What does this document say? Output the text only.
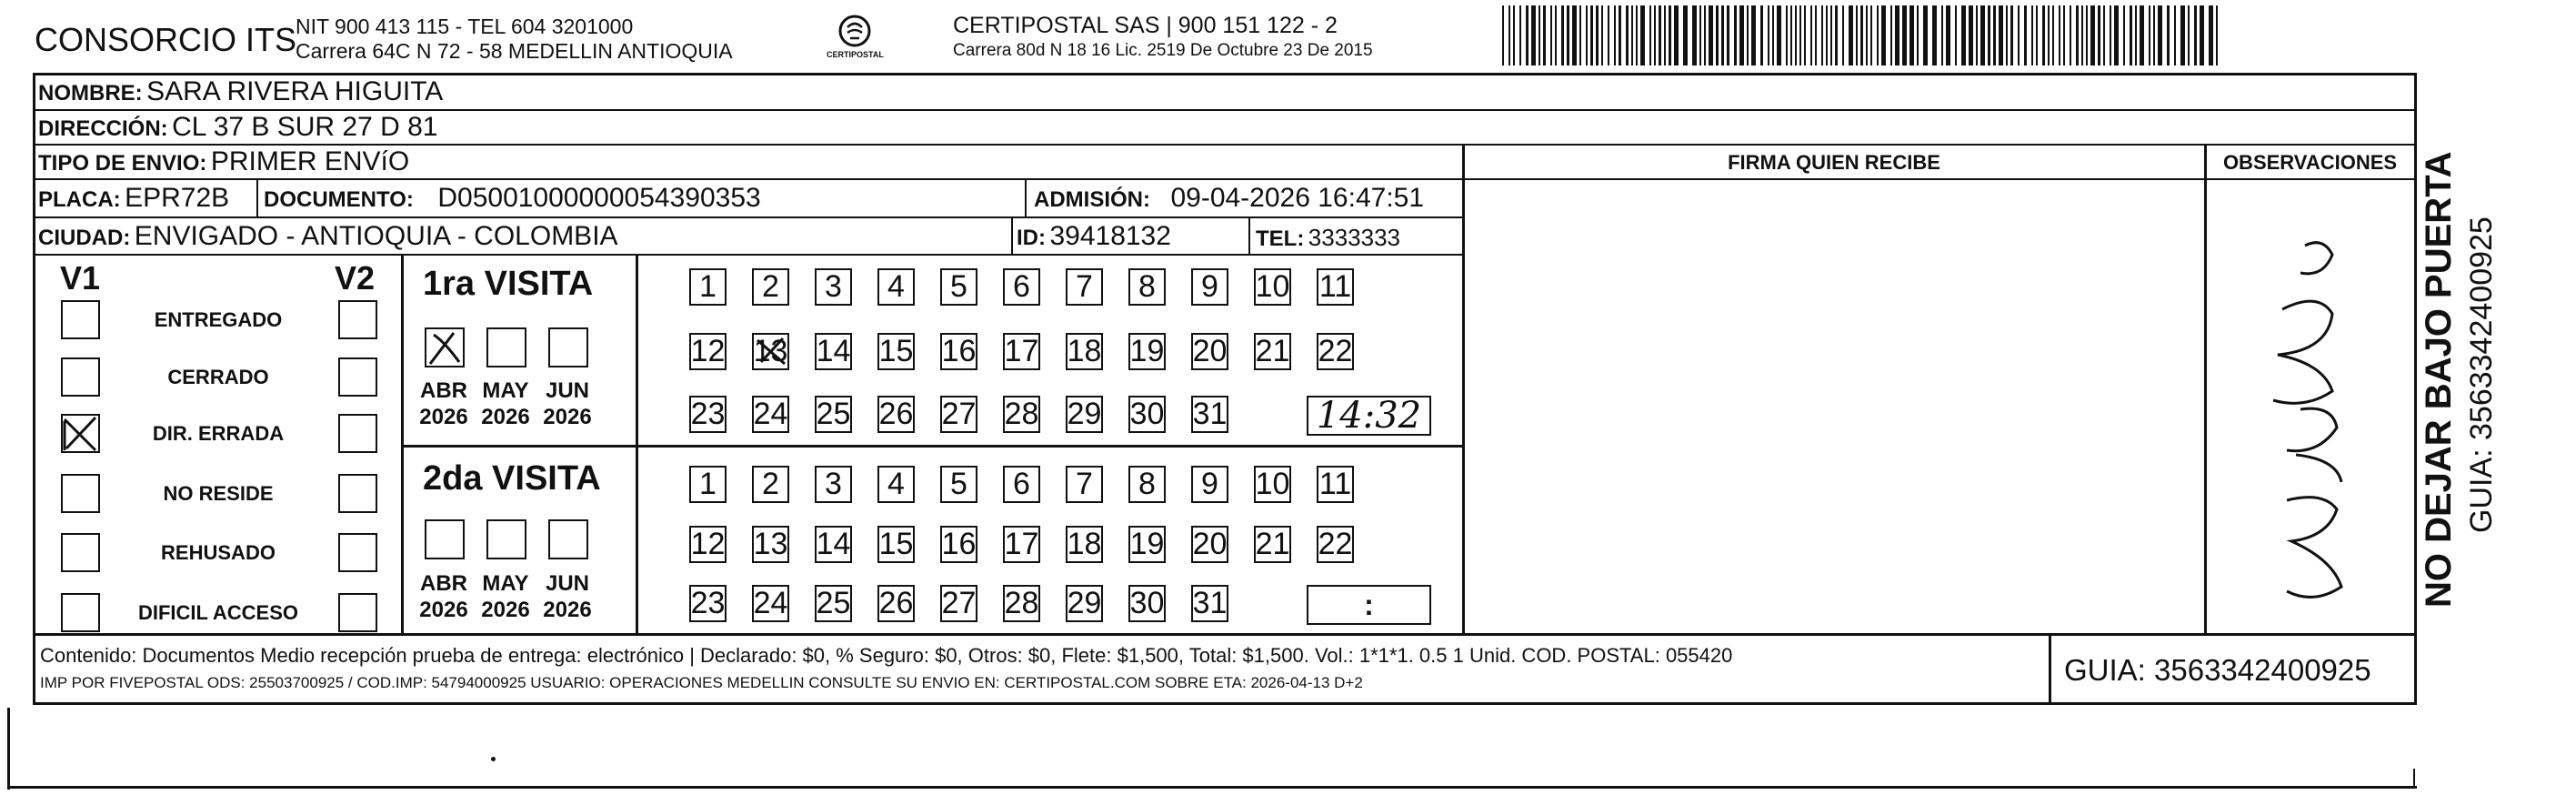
CONSORCIO ITS
NIT 900 413 115 - TEL 604 3201000
Carrera 64C N 72 - 58 MEDELLIN ANTIOQUIA	CERTIPOSTAL
CERTIPOSTAL SAS | 900 151 122 - 2
Carrera 80d N 18 16 Lic. 2519 De Octubre 23 De 2015
NOMBRE: SARA RIVERA HIGUITA
DIRECCIÓN: CL 37 B SUR 27 D 81
TIPO DE ENVIO: PRIMER ENVíO
PLACA: EPR72B DOCUMENTO: D05001000000054390353	ADMISIÓN: 09-04-2026 16:47:51
CIUDAD: ENVIGADO - ANTIOQUIA - COLOMBIA	ID: 39418132	TEL: 3333333
FIRMA QUIEN RECIBE	OBSERVACIONES
V1	V2
ENTREGADO
CERRADO
DIR. ERRADA
NO RESIDE
REHUSADO
DIFICIL ACCESO
1ra VISITA
2da VISITA
ABR
2026
MAY
2026
JUN
2026
1 2 3 4 5 6 7 8 9 10 11
12 13 14 15 16 17 18 19 20 21 22
23 24 25 26 27 28 29 30 31 14:32
ABR
2026
MAY
2026
JUN
2026
1 2 3 4 5 6 7 8 9 10 11
12 13 14 15 16 17 18 19 20 21 22
23 24 25 26 27 28 29 30 31	:
Contenido: Documentos Medio recepción prueba de entrega: electrónico | Declarado: $0, % Seguro: $0, Otros: $0, Flete: $1,500, Total: $1,500. Vol.: 1*1*1. 0.5 1 Unid. COD. POSTAL: 055420
IMP POR FIVEPOSTAL ODS: 25503700925 / COD.IMP: 54794000925 USUARIO: OPERACIONES MEDELLIN CONSULTE SU ENVIO EN: CERTIPOSTAL.COM SOBRE ETA: 2026-04-13 D+2	GUIA: 3563342400925
NO DEJAR BAJO PUERTA GUIA: 3563342400925
